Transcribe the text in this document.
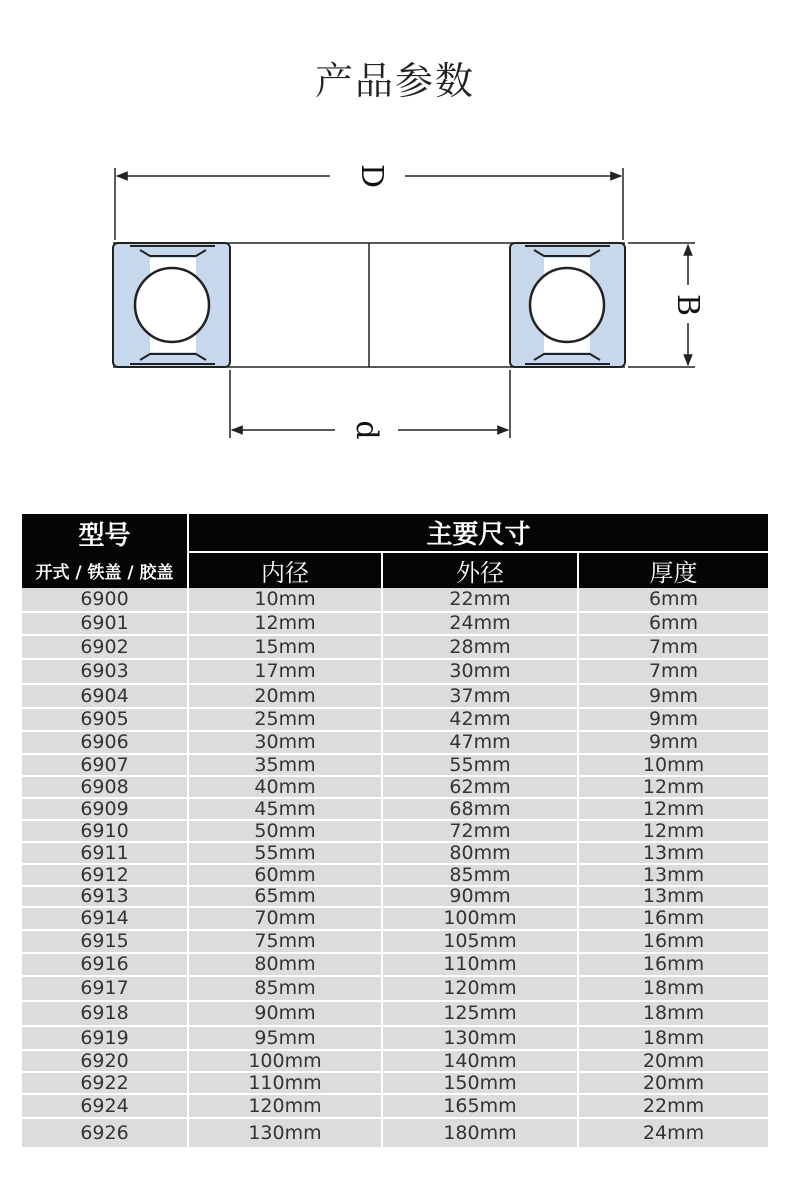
产品参数
D
B
d
型号	主要尺寸		
开式 / 铁盖 / 胶盖	内径	外径	厚度
6900	10mm	22mm	6mm
6901	12mm	24mm	6mm
6902	15mm	28mm	7mm
6903	17mm	30mm	7mm
6904	20mm	37mm	9mm
6905	25mm	42mm	9mm
6906	30mm	47mm	9mm
6907	35mm	55mm	10mm
6908	40mm	62mm	12mm
6909	45mm	68mm	12mm
6910	50mm	72mm	12mm
6911	55mm	80mm	13mm
6912	60mm	85mm	13mm
6913	65mm	90mm	13mm
6914	70mm	100mm	16mm
6915	75mm	105mm	16mm
6916	80mm	110mm	16mm
6917	85mm	120mm	18mm
6918	90mm	125mm	18mm
6919	95mm	130mm	18mm
6920	100mm	140mm	20mm
6922	110mm	150mm	20mm
6924	120mm	165mm	22mm
6926	130mm	180mm	24mm
